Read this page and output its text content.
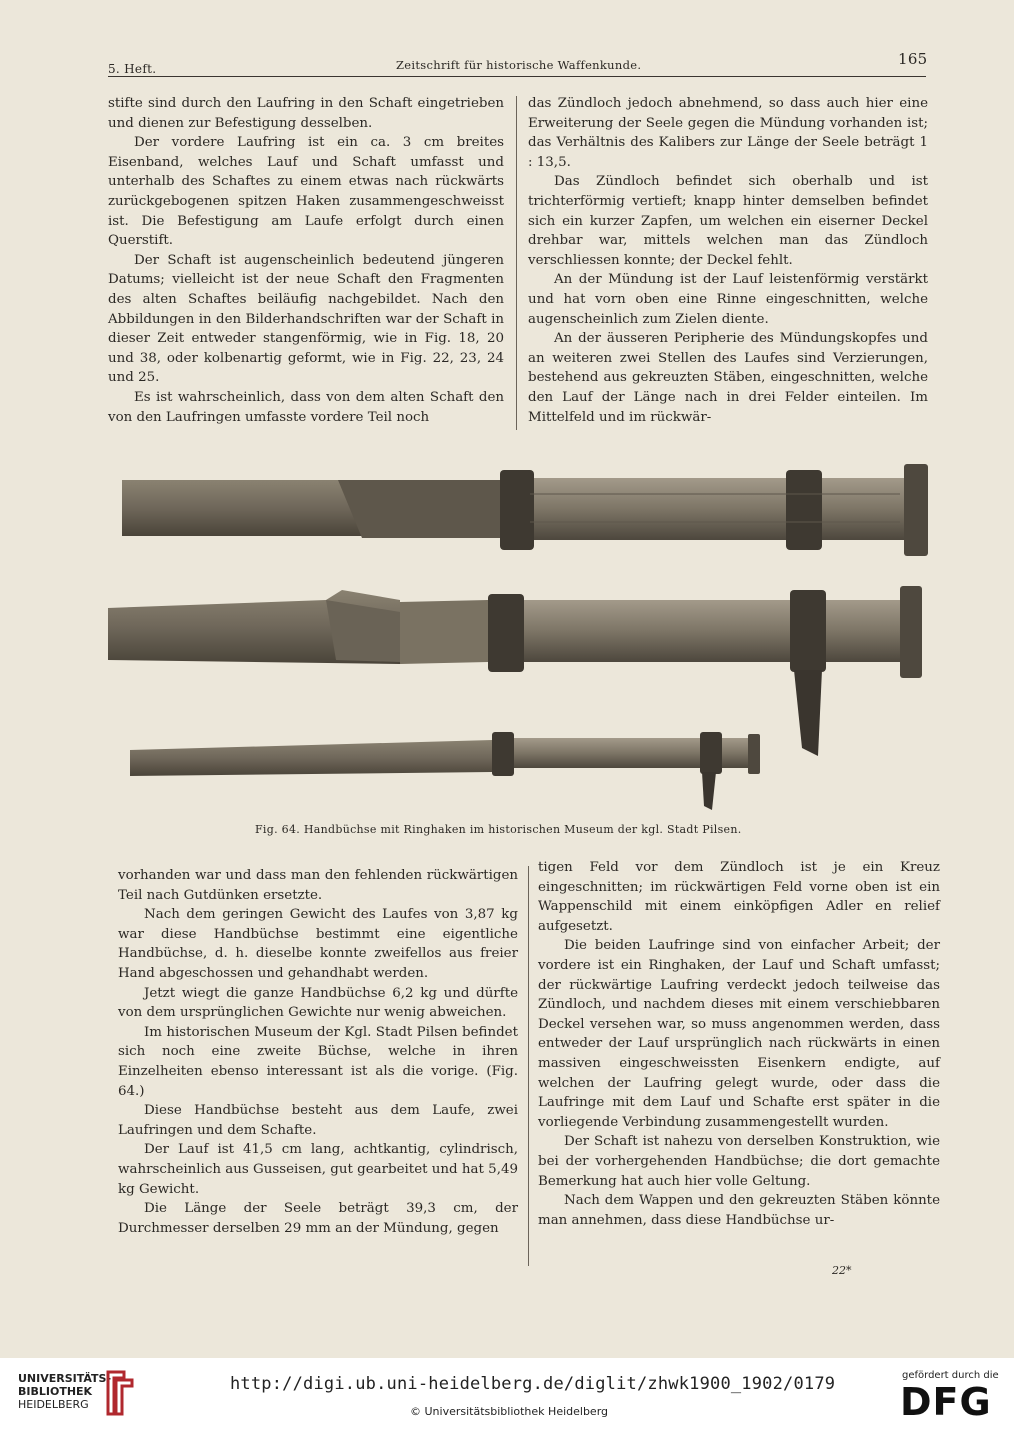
5. Heft.	Zeitschrift für historische Waffenkunde.	165

stifte sind durch den Laufring in den Schaft eingetrieben und dienen zur Befestigung desselben.

Der vordere Laufring ist ein ca. 3 cm breites Eisenband, welches Lauf und Schaft umfasst und unterhalb des Schaftes zu einem etwas nach rückwärts zurückgebogenen spitzen Haken zusammengeschweisst ist. Die Befestigung am Laufe erfolgt durch einen Querstift.

Der Schaft ist augenscheinlich bedeutend jüngeren Datums; vielleicht ist der neue Schaft den Fragmenten des alten Schaftes beiläufig nachgebildet. Nach den Abbildungen in den Bilderhandschriften war der Schaft in dieser Zeit entweder stangenförmig, wie in Fig. 18, 20 und 38, oder kolbenartig geformt, wie in Fig. 22, 23, 24 und 25.

Es ist wahrscheinlich, dass von dem alten Schaft den von den Laufringen umfasste vordere Teil noch

das Zündloch jedoch abnehmend, so dass auch hier eine Erweiterung der Seele gegen die Mündung vorhanden ist; das Verhältnis des Kalibers zur Länge der Seele beträgt 1 : 13,5.

Das Zündloch befindet sich oberhalb und ist trichterförmig vertieft; knapp hinter demselben befindet sich ein kurzer Zapfen, um welchen ein eiserner Deckel drehbar war, mittels welchen man das Zündloch verschliessen konnte; der Deckel fehlt.

An der Mündung ist der Lauf leistenförmig verstärkt und hat vorn oben eine Rinne eingeschnitten, welche augenscheinlich zum Zielen diente.

An der äusseren Peripherie des Mündungskopfes und an weiteren zwei Stellen des Laufes sind Verzierungen, bestehend aus gekreuzten Stäben, eingeschnitten, welche den Lauf der Länge nach in drei Felder einteilen. Im Mittelfeld und im rückwär-

Fig. 64. Handbüchse mit Ringhaken im historischen Museum der kgl. Stadt Pilsen.

vorhanden war und dass man den fehlenden rückwärtigen Teil nach Gutdünken ersetzte.

Nach dem geringen Gewicht des Laufes von 3,87 kg war diese Handbüchse bestimmt eine eigentliche Handbüchse, d. h. dieselbe konnte zweifellos aus freier Hand abgeschossen und gehandhabt werden.

Jetzt wiegt die ganze Handbüchse 6,2 kg und dürfte von dem ursprünglichen Gewichte nur wenig abweichen.

Im historischen Museum der Kgl. Stadt Pilsen befindet sich noch eine zweite Büchse, welche in ihren Einzelheiten ebenso interessant ist als die vorige. (Fig. 64.)

Diese Handbüchse besteht aus dem Laufe, zwei Laufringen und dem Schafte.

Der Lauf ist 41,5 cm lang, achtkantig, cylindrisch, wahrscheinlich aus Gusseisen, gut gearbeitet und hat 5,49 kg Gewicht.

Die Länge der Seele beträgt 39,3 cm, der Durchmesser derselben 29 mm an der Mündung, gegen

tigen Feld vor dem Zündloch ist je ein Kreuz eingeschnitten; im rückwärtigen Feld vorne oben ist ein Wappenschild mit einem einköpfigen Adler en relief aufgesetzt.

Die beiden Laufringe sind von einfacher Arbeit; der vordere ist ein Ringhaken, der Lauf und Schaft umfasst; der rückwärtige Laufring verdeckt jedoch teilweise das Zündloch, und nachdem dieses mit einem verschiebbaren Deckel versehen war, so muss angenommen werden, dass entweder der Lauf ursprünglich nach rückwärts in einen massiven eingeschweissten Eisenkern endigte, auf welchen der Laufring gelegt wurde, oder dass die Laufringe mit dem Lauf und Schafte erst später in die vorliegende Verbindung zusammengestellt wurden.

Der Schaft ist nahezu von derselben Konstruktion, wie bei der vorhergehenden Handbüchse; die dort gemachte Bemerkung hat auch hier volle Geltung.

Nach dem Wappen und den gekreuzten Stäben könnte man annehmen, dass diese Handbüchse ur-

22*
UNIVERSITÄTS-
BIBLIOTHEK
HEIDELBERG
http://digi.ub.uni-heidelberg.de/diglit/zhwk1900_1902/0179
© Universitätsbibliothek Heidelberg
gefördert durch die
DFG
